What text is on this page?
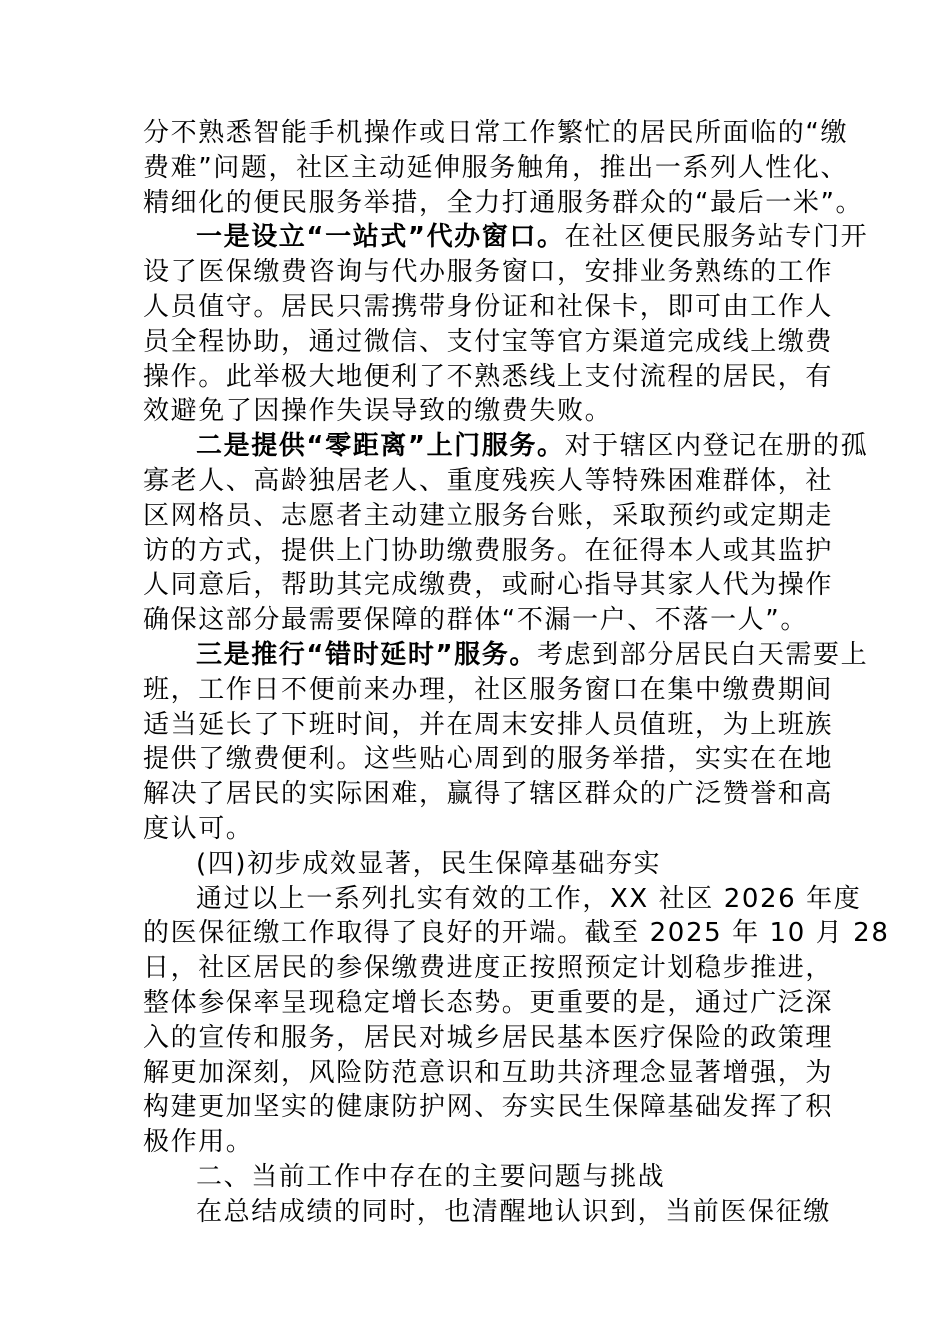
分不熟悉智能手机操作或日常工作繁忙的居民所面临的“缴
费难”问题，社区主动延伸服务触角，推出一系列人性化、
精细化的便民服务举措，全力打通服务群众的“最后一米”。
一是设立“一站式”代办窗口。在社区便民服务站专门开
设了医保缴费咨询与代办服务窗口，安排业务熟练的工作
人员值守。居民只需携带身份证和社保卡，即可由工作人
员全程协助，通过微信、支付宝等官方渠道完成线上缴费
操作。此举极大地便利了不熟悉线上支付流程的居民，有
效避免了因操作失误导致的缴费失败。
二是提供“零距离”上门服务。对于辖区内登记在册的孤
寡老人、高龄独居老人、重度残疾人等特殊困难群体，社
区网格员、志愿者主动建立服务台账，采取预约或定期走
访的方式，提供上门协助缴费服务。在征得本人或其监护
人同意后，帮助其完成缴费，或耐心指导其家人代为操作
确保这部分最需要保障的群体“不漏一户、不落一人”。
三是推行“错时延时”服务。考虑到部分居民白天需要上
班，工作日不便前来办理，社区服务窗口在集中缴费期间
适当延长了下班时间，并在周末安排人员值班，为上班族
提供了缴费便利。这些贴心周到的服务举措，实实在在地
解决了居民的实际困难，赢得了辖区群众的广泛赞誉和高
度认可。
(四)初步成效显著，民生保障基础夯实
通过以上一系列扎实有效的工作，XX 社区 2026 年度
的医保征缴工作取得了良好的开端。截至 2025 年 10 月 28
日，社区居民的参保缴费进度正按照预定计划稳步推进，
整体参保率呈现稳定增长态势。更重要的是，通过广泛深
入的宣传和服务，居民对城乡居民基本医疗保险的政策理
解更加深刻，风险防范意识和互助共济理念显著增强，为
构建更加坚实的健康防护网、夯实民生保障基础发挥了积
极作用。
二、当前工作中存在的主要问题与挑战
在总结成绩的同时，也清醒地认识到，当前医保征缴
